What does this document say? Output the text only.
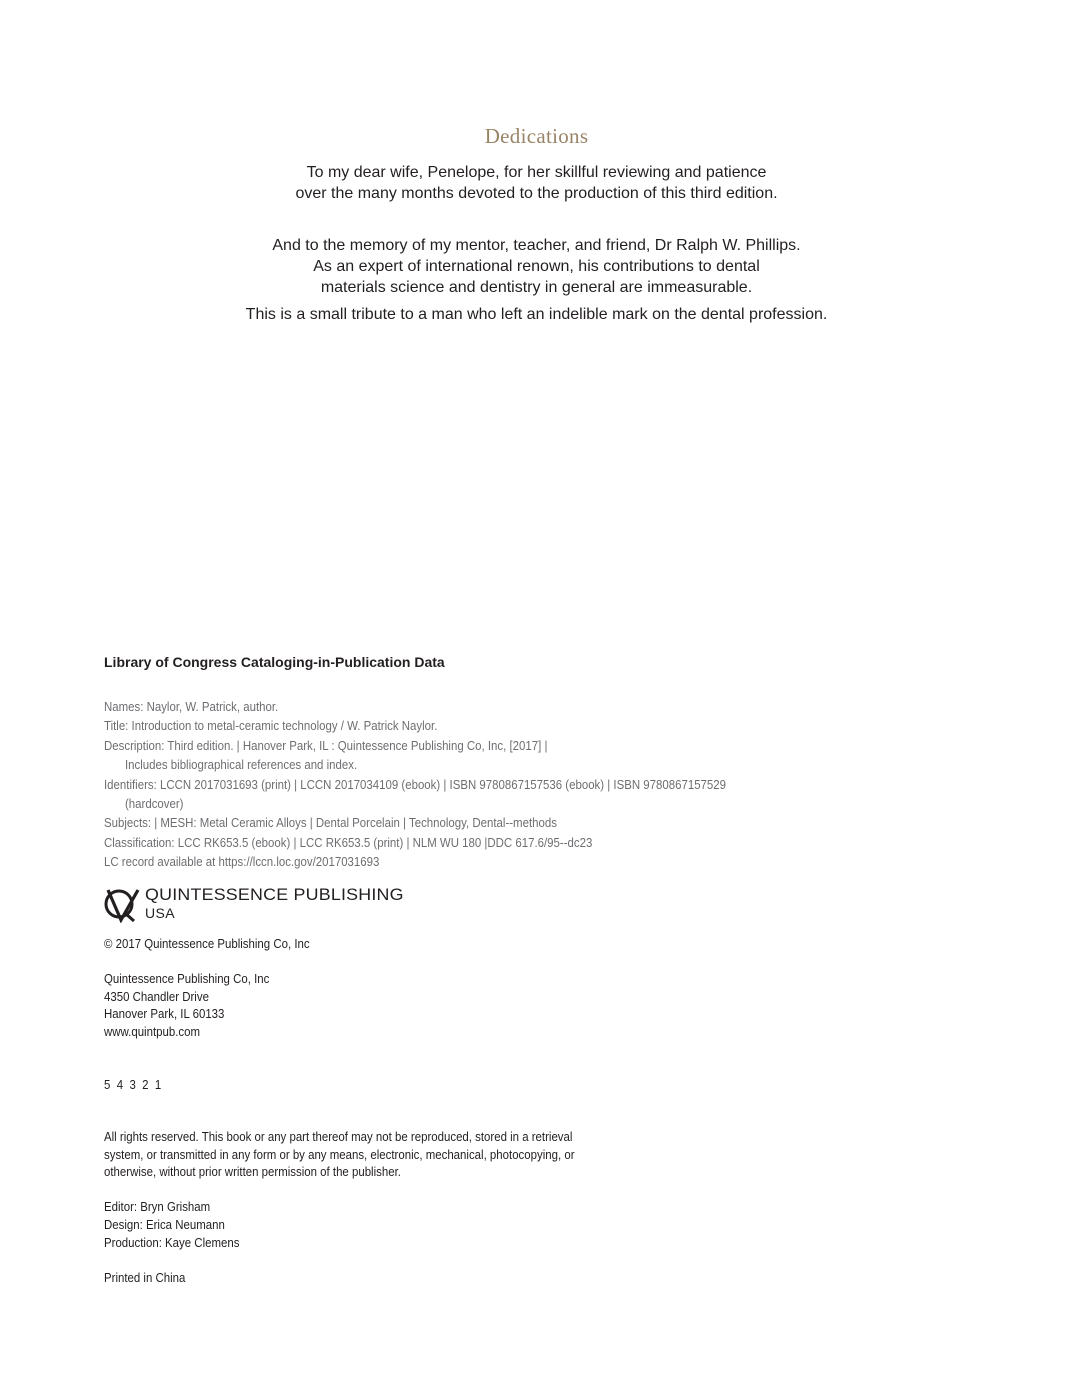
Dedications
To my dear wife, Penelope, for her skillful reviewing and patience
over the many months devoted to the production of this third edition.
And to the memory of my mentor, teacher, and friend, Dr Ralph W. Phillips.
As an expert of international renown, his contributions to dental
materials science and dentistry in general are immeasurable.
This is a small tribute to a man who left an indelible mark on the dental profession.
Library of Congress Cataloging-in-Publication Data
Names: Naylor, W. Patrick, author.
Title: Introduction to metal-ceramic technology / W. Patrick Naylor.
Description: Third edition. | Hanover Park, IL : Quintessence Publishing Co, Inc, [2017] |
Includes bibliographical references and index.
Identifiers: LCCN 2017031693 (print) | LCCN 2017034109 (ebook) | ISBN 9780867157536 (ebook) | ISBN 9780867157529
(hardcover)
Subjects: | MESH: Metal Ceramic Alloys | Dental Porcelain | Technology, Dental--methods
Classification: LCC RK653.5 (ebook) | LCC RK653.5 (print) | NLM WU 180 |DDC 617.6/95--dc23
LC record available at https://lccn.loc.gov/2017031693
QUINTESSENCE PUBLISHING
USA
© 2017 Quintessence Publishing Co, Inc
Quintessence Publishing Co, Inc
4350 Chandler Drive
Hanover Park, IL 60133
www.quintpub.com
5  4  3  2  1
All rights reserved. This book or any part thereof may not be reproduced, stored in a retrieval
system, or transmitted in any form or by any means, electronic, mechanical, photocopying, or
otherwise, without prior written permission of the publisher.
Editor: Bryn Grisham
Design: Erica Neumann
Production: Kaye Clemens
Printed in China
